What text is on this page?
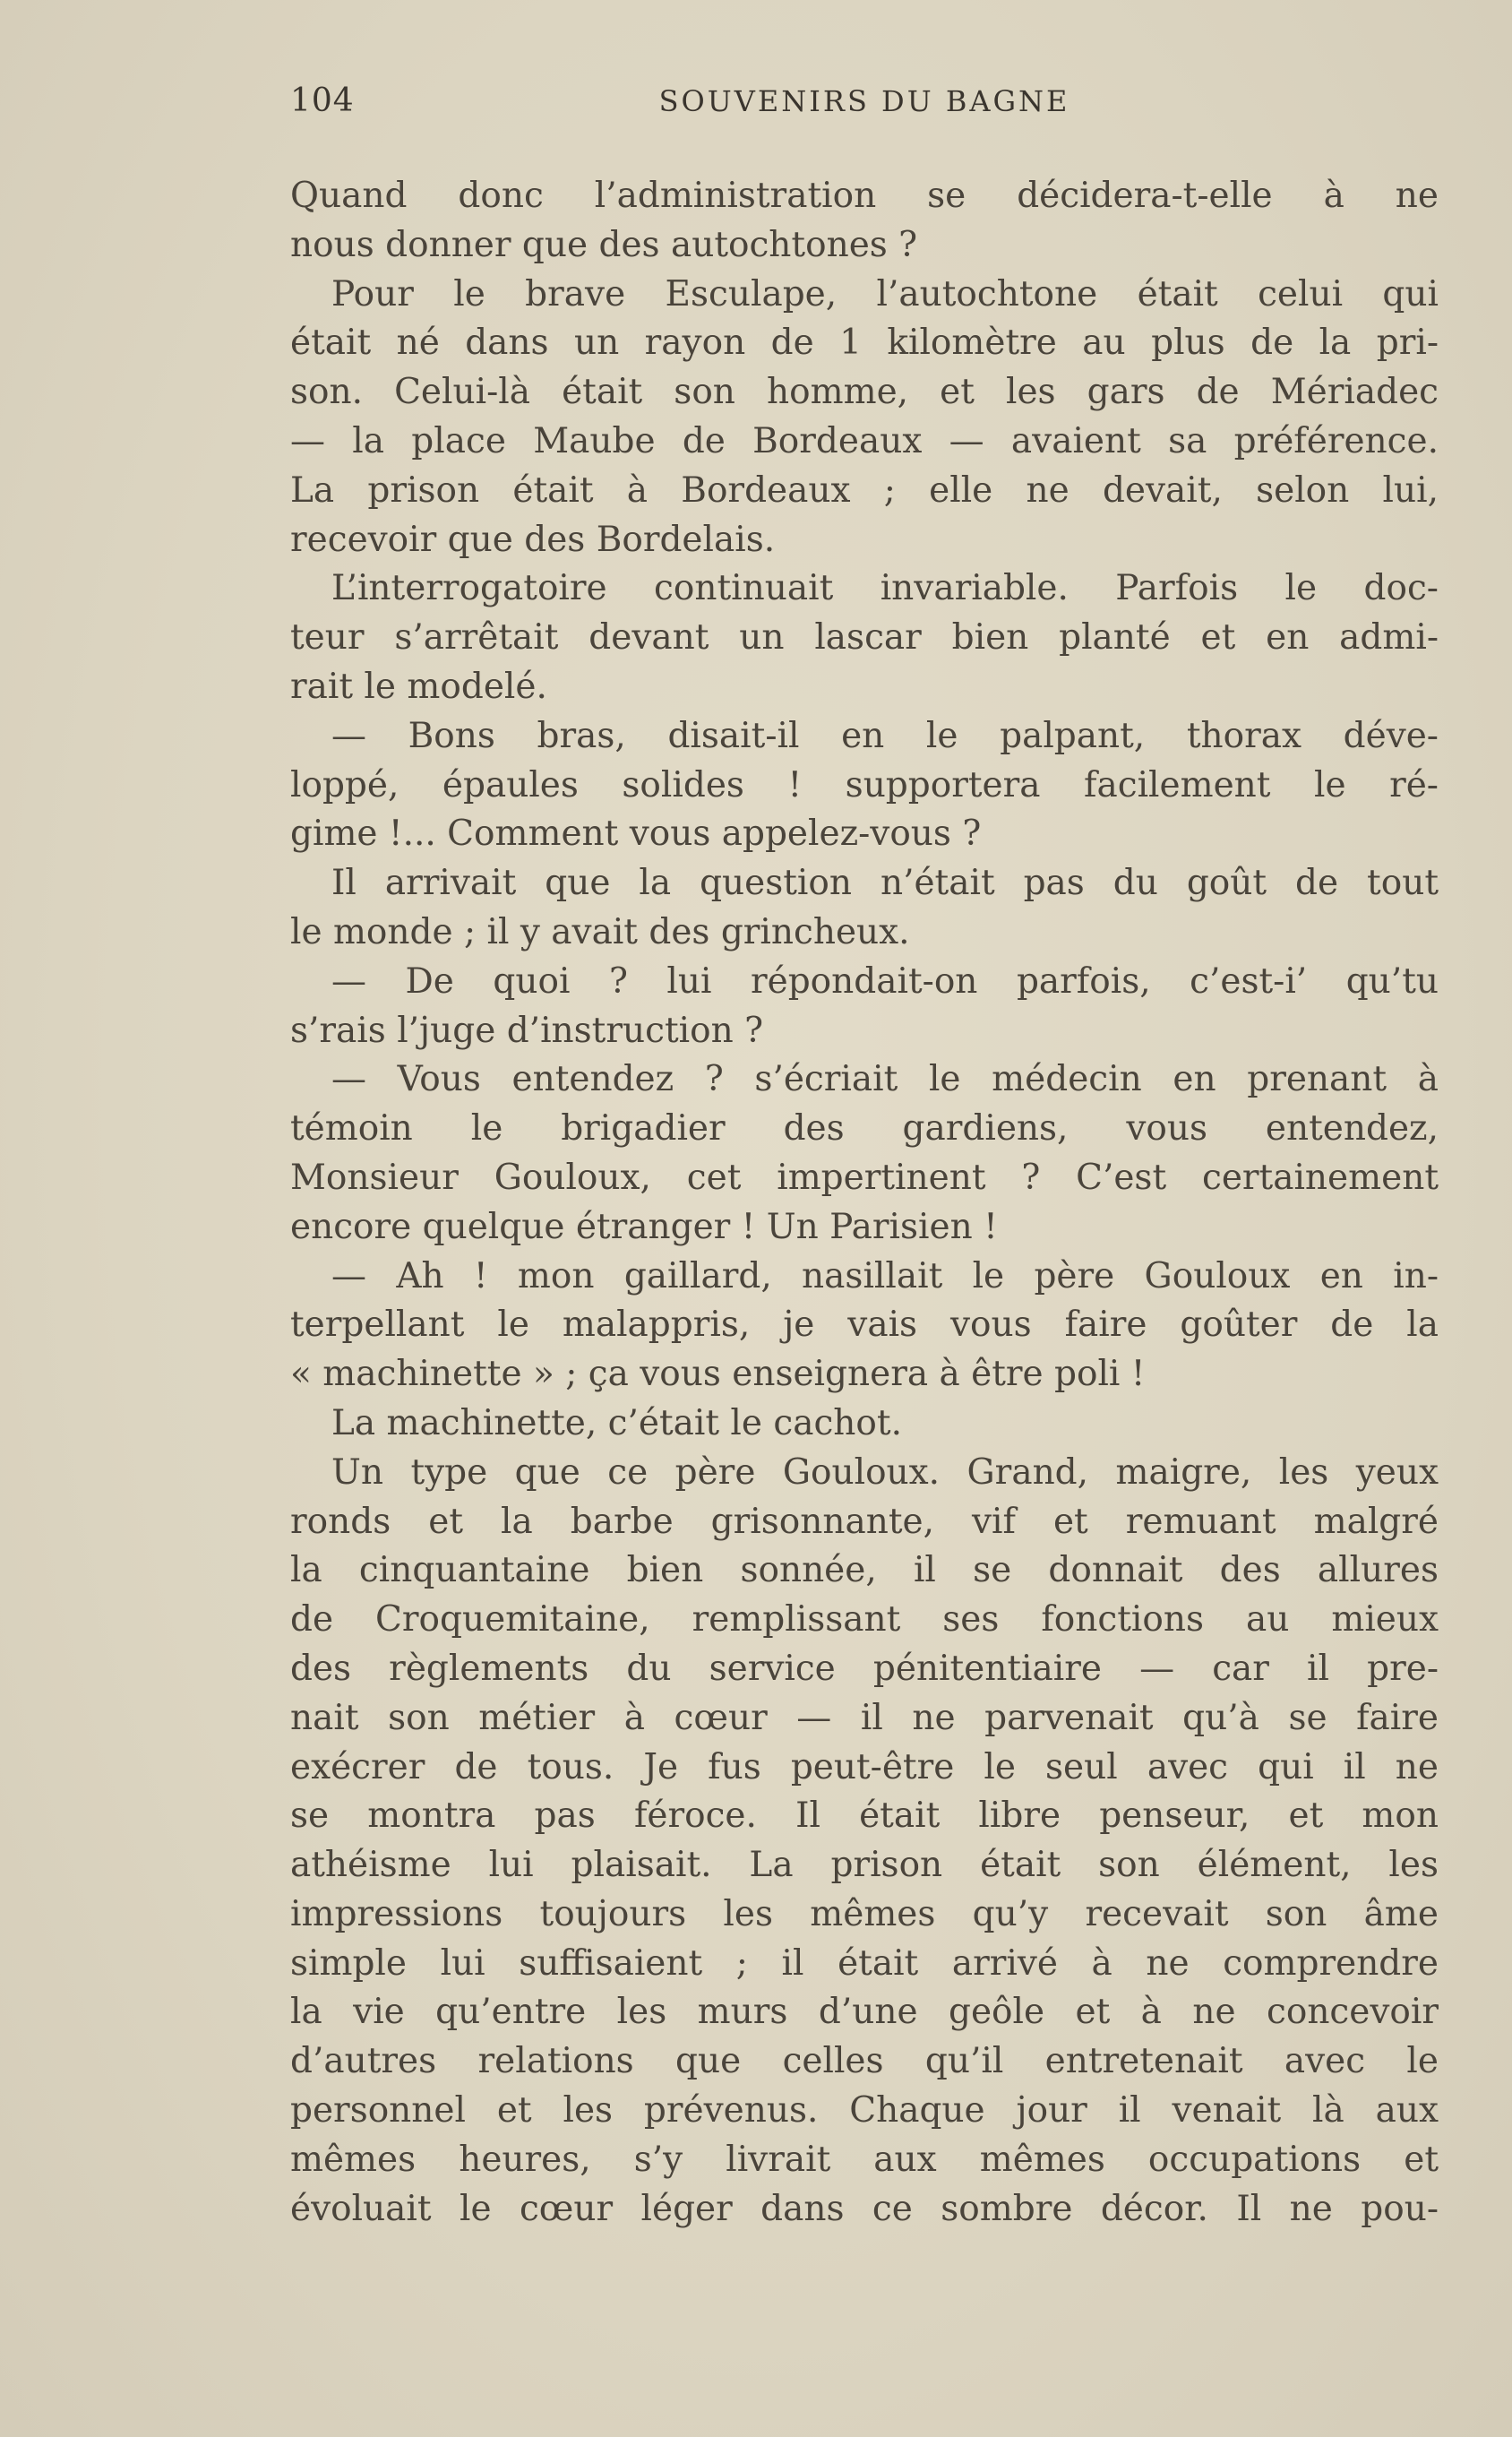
104	SOUVENIRS DU BAGNE
Quand donc l’administration se décidera-t-elle à ne
nous donner que des autochtones ?
Pour le brave Esculape, l’autochtone était celui qui
était né dans un rayon de 1 kilomètre au plus de la pri-
son. Celui-là était son homme, et les gars de Mériadec
— la place Maube de Bordeaux — avaient sa préférence.
La prison était à Bordeaux ; elle ne devait, selon lui,
recevoir que des Bordelais.
L’interrogatoire continuait invariable. Parfois le doc-
teur s’arrêtait devant un lascar bien planté et en admi-
rait le modelé.
— Bons bras, disait-il en le palpant, thorax déve-
loppé, épaules solides ! supportera facilement le ré-
gime !... Comment vous appelez-vous ?
Il arrivait que la question n’était pas du goût de tout
le monde ; il y avait des grincheux.
— De quoi ? lui répondait-on parfois, c’est-i’ qu’tu
s’rais l’juge d’instruction ?
— Vous entendez ? s’écriait le médecin en prenant à
témoin le brigadier des gardiens, vous entendez,
Monsieur Gouloux, cet impertinent ? C’est certainement
encore quelque étranger ! Un Parisien !
— Ah ! mon gaillard, nasillait le père Gouloux en in-
terpellant le malappris, je vais vous faire goûter de la
« machinette » ; ça vous enseignera à être poli !
La machinette, c’était le cachot.
Un type que ce père Gouloux. Grand, maigre, les yeux
ronds et la barbe grisonnante, vif et remuant malgré
la cinquantaine bien sonnée, il se donnait des allures
de Croquemitaine, remplissant ses fonctions au mieux
des règlements du service pénitentiaire — car il pre-
nait son métier à cœur — il ne parvenait qu’à se faire
exécrer de tous. Je fus peut-être le seul avec qui il ne
se montra pas féroce. Il était libre penseur, et mon
athéisme lui plaisait. La prison était son élément, les
impressions toujours les mêmes qu’y recevait son âme
simple lui suffisaient ; il était arrivé à ne comprendre
la vie qu’entre les murs d’une geôle et à ne concevoir
d’autres relations que celles qu’il entretenait avec le
personnel et les prévenus. Chaque jour il venait là aux
mêmes heures, s’y livrait aux mêmes occupations et
évoluait le cœur léger dans ce sombre décor. Il ne pou-
